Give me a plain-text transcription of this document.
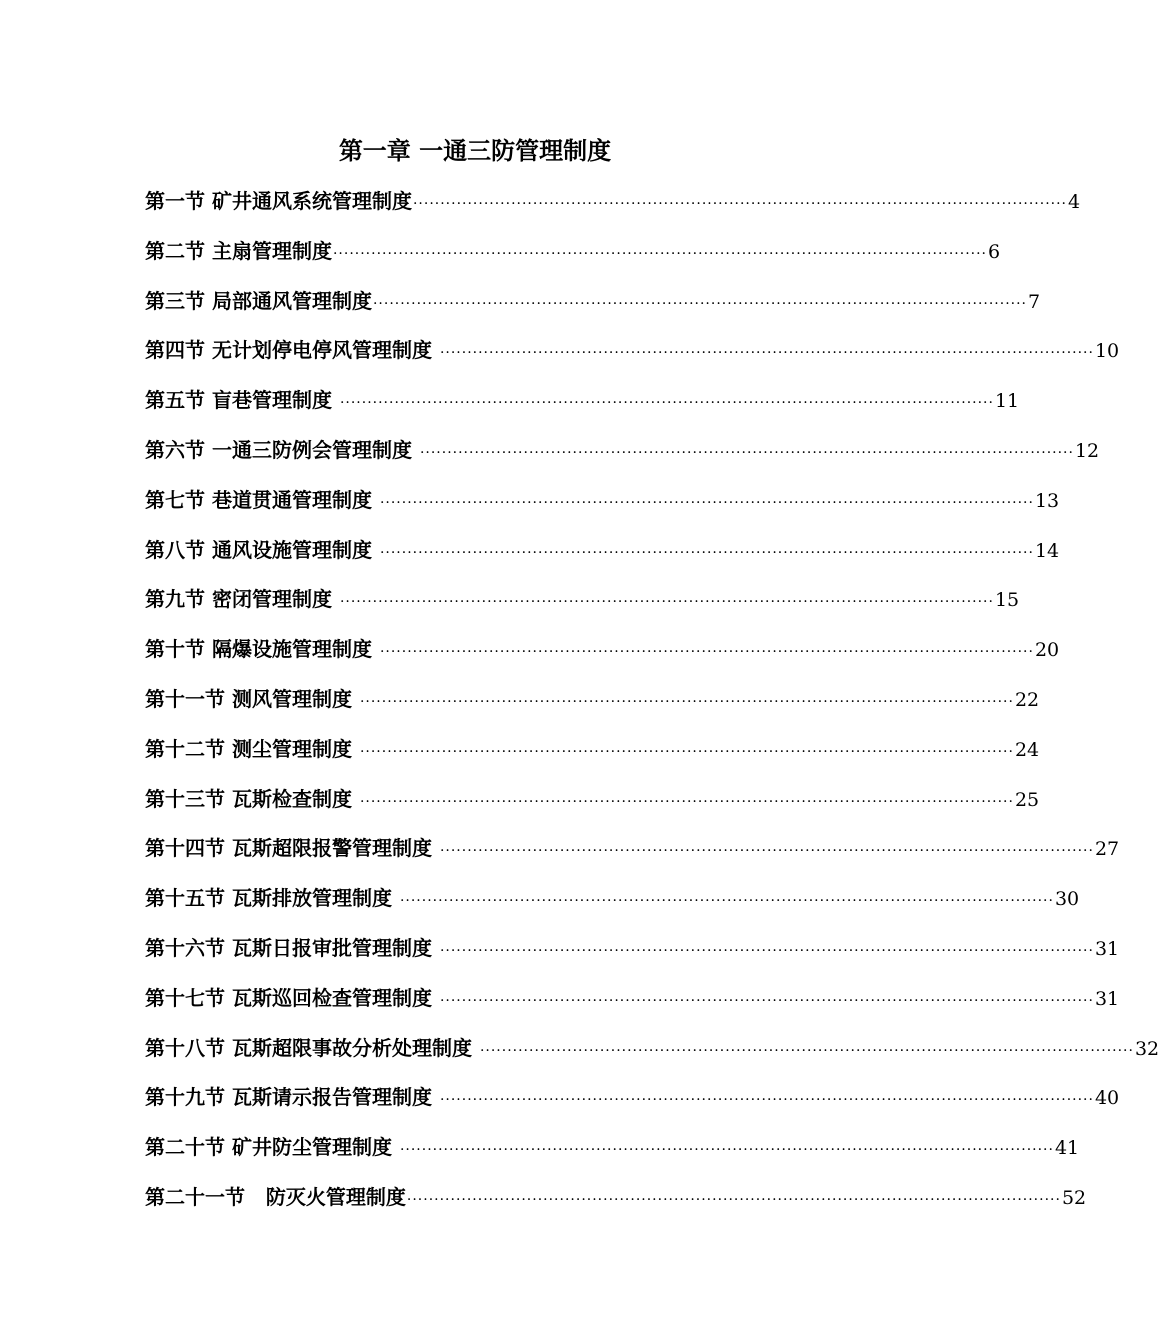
第一章 一通三防管理制度
第一节
矿井通风系统管理制度 ························································································································ 4
第二节
主扇管理制度 ························································································································ 6
第三节
局部通风管理制度 ························································································································ 7
第四节
无计划停电停风管理制度 ························································································································ 10
第五节
盲巷管理制度 ························································································································ 11
第六节
一通三防例会管理制度 ························································································································ 12
第七节
巷道贯通管理制度 ························································································································ 13
第八节
通风设施管理制度 ························································································································ 14
第九节
密闭管理制度 ························································································································ 15
第十节
隔爆设施管理制度 ························································································································ 20
第十一节
测风管理制度 ························································································································ 22
第十二节
测尘管理制度 ························································································································ 24
第十三节
瓦斯检查制度 ························································································································ 25
第十四节
瓦斯超限报警管理制度 ························································································································ 27
第十五节
瓦斯排放管理制度 ························································································································ 30
第十六节
瓦斯日报审批管理制度 ························································································································ 31
第十七节
瓦斯巡回检查管理制度 ························································································································ 31
第十八节
瓦斯超限事故分析处理制度 ························································································································ 32
第十九节
瓦斯请示报告管理制度 ························································································································ 40
第二十节
矿井防尘管理制度 ························································································································ 41
第二十一节
防灭火管理制度 ························································································································ 52
